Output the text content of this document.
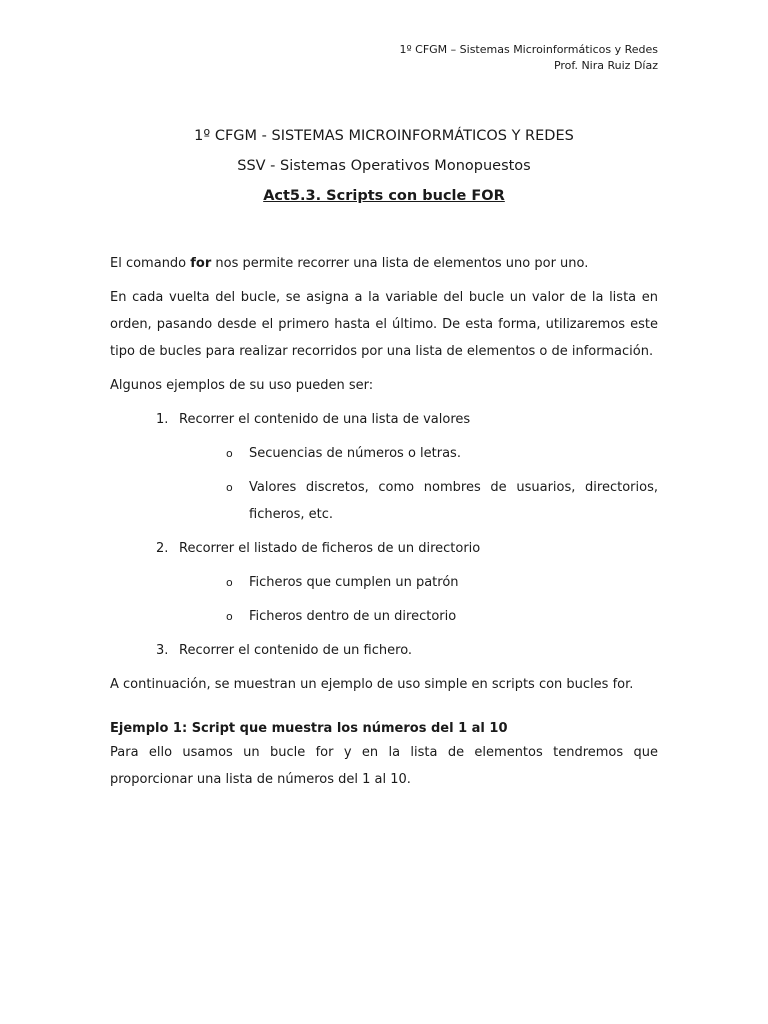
1º CFGM – Sistemas Microinformáticos y Redes
Prof. Nira Ruiz Díaz
1º CFGM - SISTEMAS MICROINFORMÁTICOS Y REDES
SSV - Sistemas Operativos Monopuestos
Act5.3. Scripts con bucle FOR

El comando for nos permite recorrer una lista de elementos uno por uno.

En cada vuelta del bucle, se asigna a la variable del bucle un valor de la lista en orden, pasando desde el primero hasta el último. De esta forma, utilizaremos este tipo de bucles para realizar recorridos por una lista de elementos o de información.

Algunos ejemplos de su uso pueden ser:

1. Recorrer el contenido de una lista de valores
o Secuencias de números o letras.
o Valores discretos, como nombres de usuarios, directorios, ficheros, etc.
2. Recorrer el listado de ficheros de un directorio
o Ficheros que cumplen un patrón
o Ficheros dentro de un directorio
3. Recorrer el contenido de un fichero.

A continuación, se muestran un ejemplo de uso simple en scripts con bucles for.

Ejemplo 1: Script que muestra los números del 1 al 10

Para ello usamos un bucle for y en la lista de elementos tendremos que proporcionar una lista de números del 1 al 10.
